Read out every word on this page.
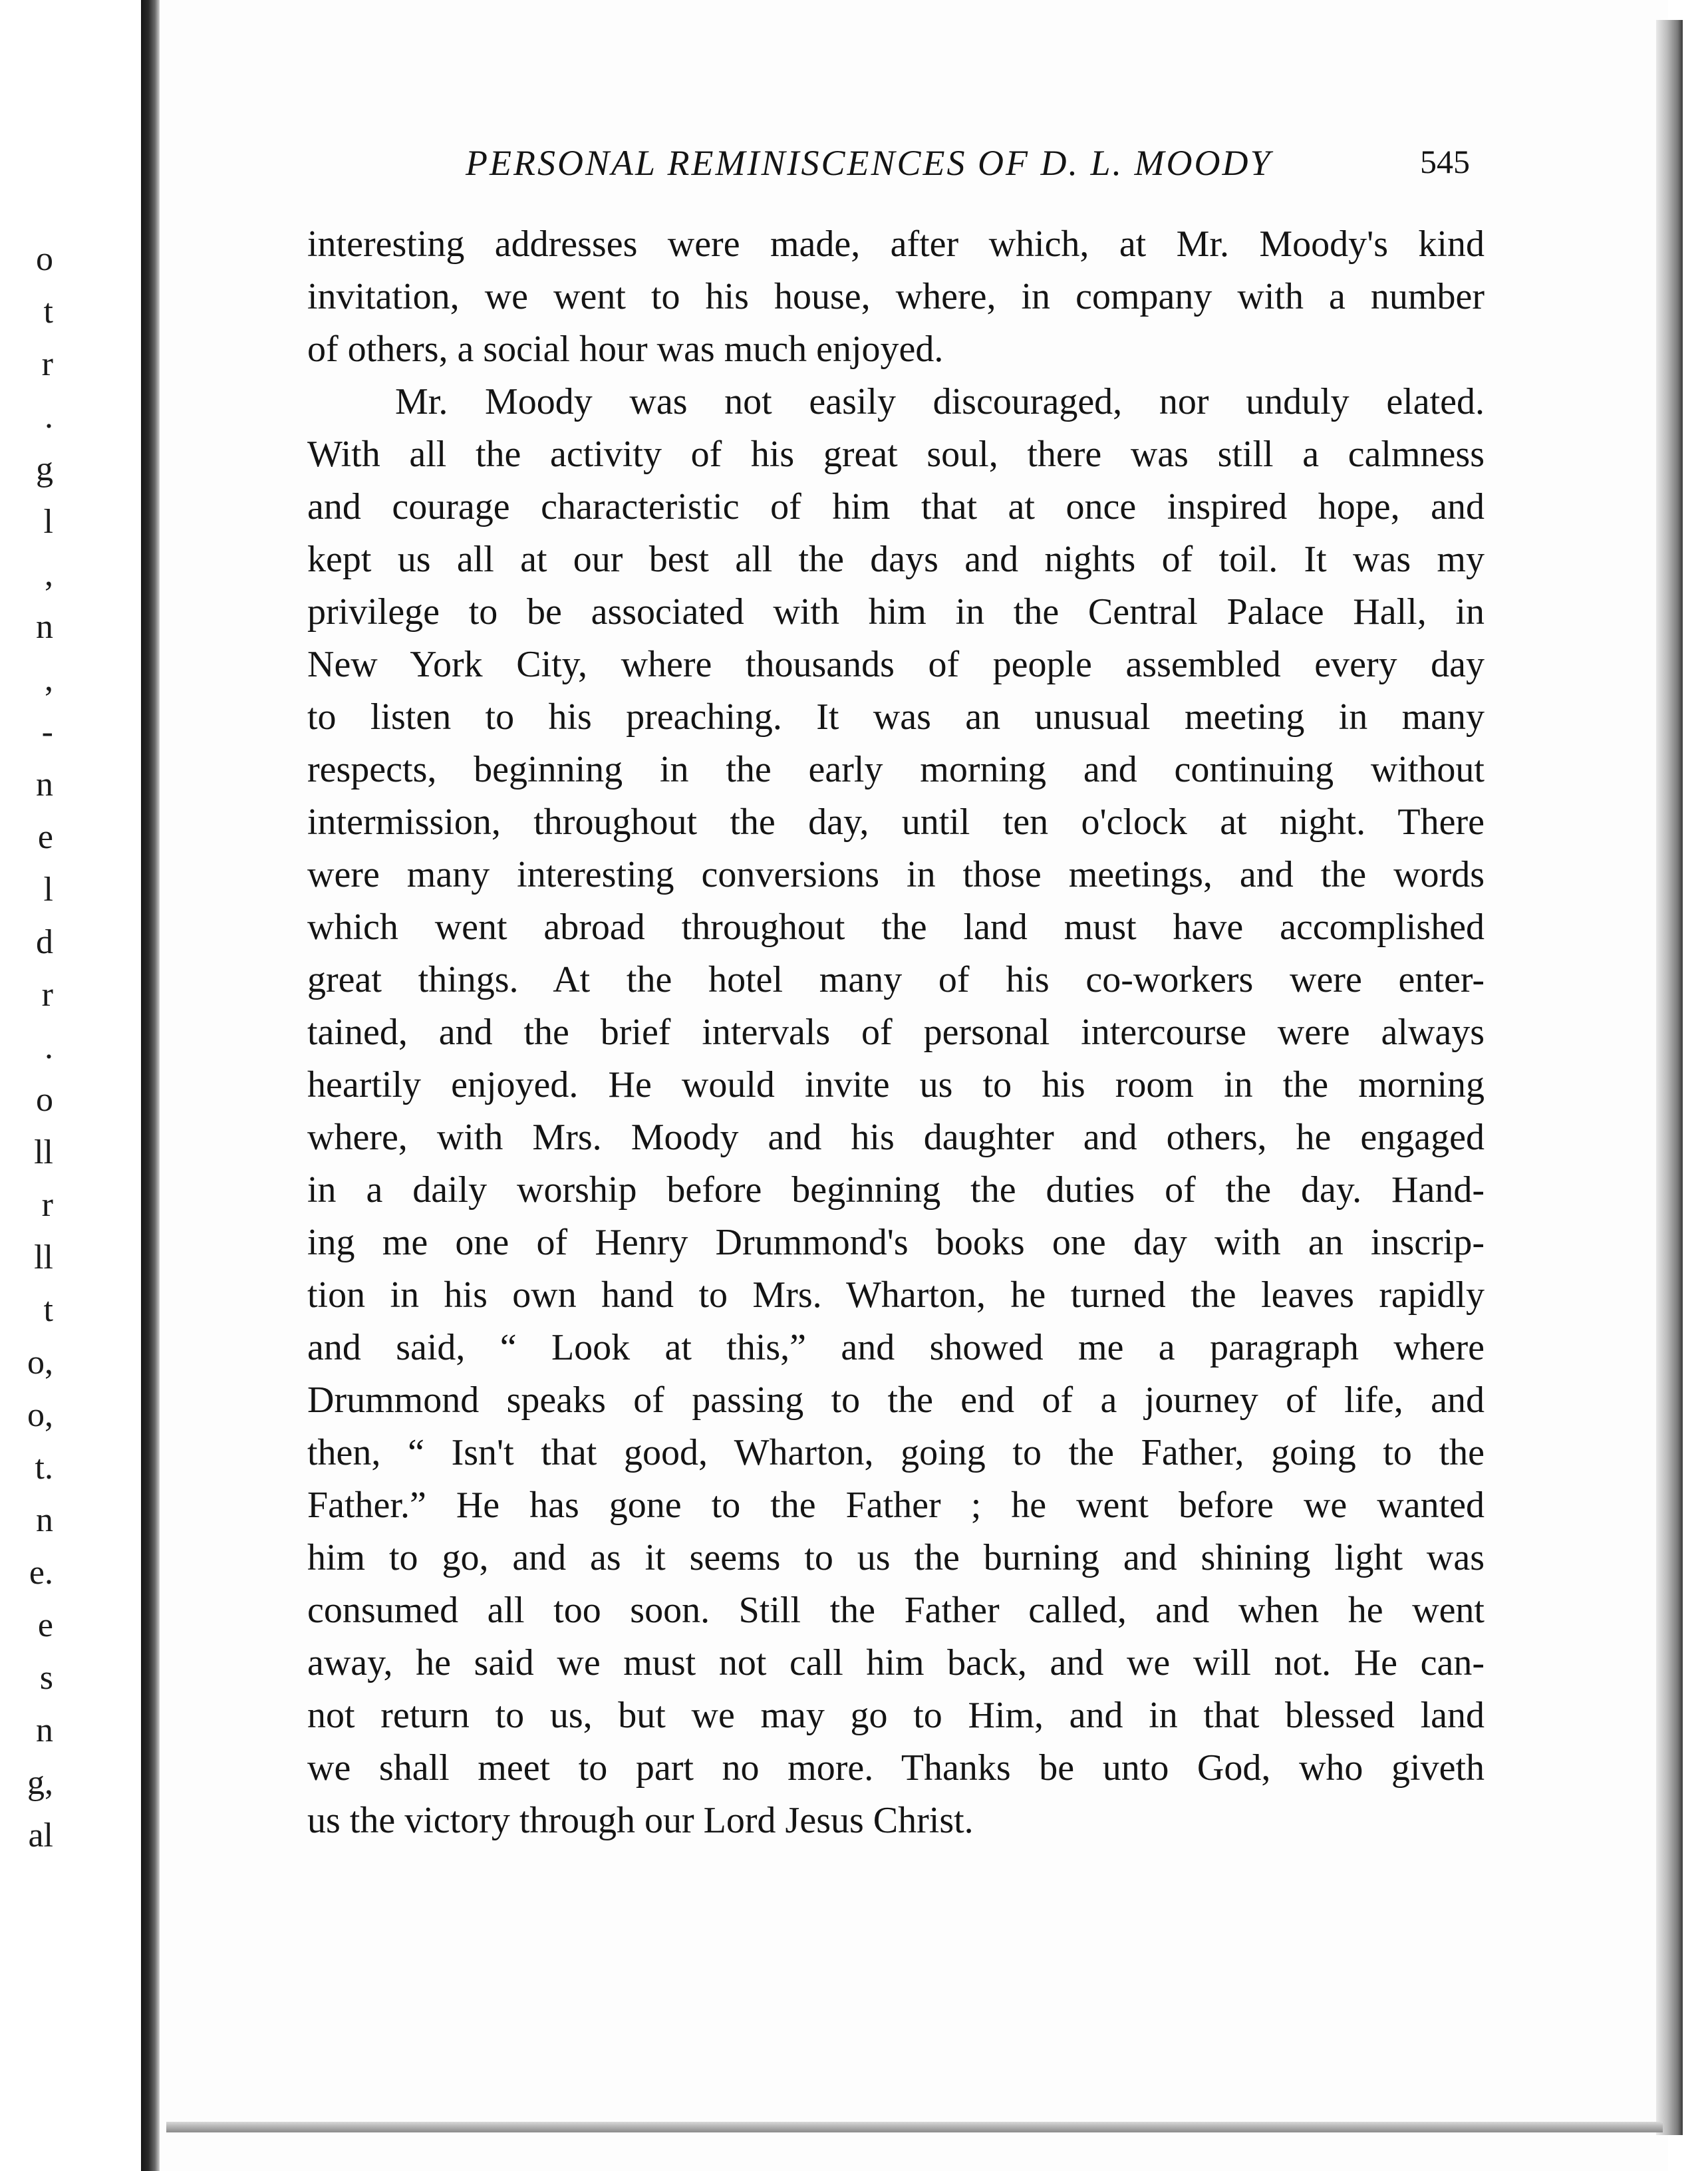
o
t
r
.
g
l
,
n
,
-
n
e
l
d
r
.
o
ll
r
ll
t
o,
o,
t.
n
e.
e
s
n
g,
al
PERSONAL REMINISCENCES OF D. L. MOODY	545
interesting addresses were made, after which, at Mr. Moody's kind
invitation, we went to his house, where, in company with a number
of others, a social hour was much enjoyed.
Mr. Moody was not easily discouraged, nor unduly elated.
With all the activity of his great soul, there was still a calmness
and courage characteristic of him that at once inspired hope, and
kept us all at our best all the days and nights of toil. It was my
privilege to be associated with him in the Central Palace Hall, in
New York City, where thousands of people assembled every day
to listen to his preaching. It was an unusual meeting in many
respects, beginning in the early morning and continuing without
intermission, throughout the day, until ten o'clock at night. There
were many interesting conversions in those meetings, and the words
which went abroad throughout the land must have accomplished
great things. At the hotel many of his co-workers were enter-
tained, and the brief intervals of personal intercourse were always
heartily enjoyed. He would invite us to his room in the morning
where, with Mrs. Moody and his daughter and others, he engaged
in a daily worship before beginning the duties of the day. Hand-
ing me one of Henry Drummond's books one day with an inscrip-
tion in his own hand to Mrs. Wharton, he turned the leaves rapidly
and said, “ Look at this,” and showed me a paragraph where
Drummond speaks of passing to the end of a journey of life, and
then, “ Isn't that good, Wharton, going to the Father, going to the
Father.” He has gone to the Father ; he went before we wanted
him to go, and as it seems to us the burning and shining light was
consumed all too soon. Still the Father called, and when he went
away, he said we must not call him back, and we will not. He can-
not return to us, but we may go to Him, and in that blessed land
we shall meet to part no more. Thanks be unto God, who giveth
us the victory through our Lord Jesus Christ.
